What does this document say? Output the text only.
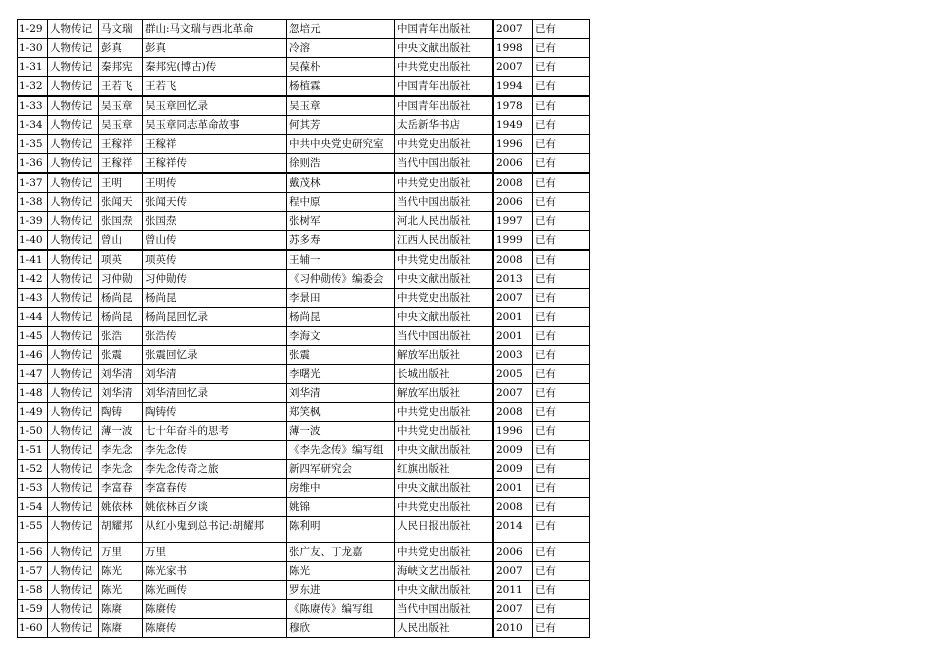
1-29	人物传记	马文瑞	群山:马文瑞与西北革命	忽培元	中国青年出版社	2007	已有
1-30	人物传记	彭真	彭真	冷溶	中央文献出版社	1998	已有
1-31	人物传记	秦邦宪	秦邦宪(博古)传	吴葆朴	中共党史出版社	2007	已有
1-32	人物传记	王若飞	王若飞	杨植霖	中国青年出版社	1994	已有
1-33	人物传记	吴玉章	吴玉章回忆录	吴玉章	中国青年出版社	1978	已有
1-34	人物传记	吴玉章	吴玉章同志革命故事	何其芳	太岳新华书店	1949	已有
1-35	人物传记	王稼祥	王稼祥	中共中央党史研究室	中共党史出版社	1996	已有
1-36	人物传记	王稼祥	王稼祥传	徐则浩	当代中国出版社	2006	已有
1-37	人物传记	王明	王明传	戴茂林	中共党史出版社	2008	已有
1-38	人物传记	张闻天	张闻天传	程中原	当代中国出版社	2006	已有
1-39	人物传记	张国焘	张国焘	张树军	河北人民出版社	1997	已有
1-40	人物传记	曾山	曾山传	苏多寿	江西人民出版社	1999	已有
1-41	人物传记	项英	项英传	王辅一	中共党史出版社	2008	已有
1-42	人物传记	习仲勋	习仲勋传	《习仲勋传》编委会	中央文献出版社	2013	已有
1-43	人物传记	杨尚昆	杨尚昆	李景田	中共党史出版社	2007	已有
1-44	人物传记	杨尚昆	杨尚昆回忆录	杨尚昆	中央文献出版社	2001	已有
1-45	人物传记	张浩	张浩传	李海文	当代中国出版社	2001	已有
1-46	人物传记	张震	张震回忆录	张震	解放军出版社	2003	已有
1-47	人物传记	刘华清	刘华清	李曙光	长城出版社	2005	已有
1-48	人物传记	刘华清	刘华清回忆录	刘华清	解放军出版社	2007	已有
1-49	人物传记	陶铸	陶铸传	郑笑枫	中共党史出版社	2008	已有
1-50	人物传记	薄一波	七十年奋斗的思考	薄一波	中共党史出版社	1996	已有
1-51	人物传记	李先念	李先念传	《李先念传》编写组	中央文献出版社	2009	已有
1-52	人物传记	李先念	李先念传奇之旅	新四军研究会	红旗出版社	2009	已有
1-53	人物传记	李富春	李富春传	房维中	中央文献出版社	2001	已有
1-54	人物传记	姚依林	姚依林百夕谈	姚锦	中共党史出版社	2008	已有
1-55	人物传记	胡耀邦	从红小鬼到总书记:胡耀邦	陈利明	人民日报出版社	2014	已有
1-56	人物传记	万里	万里	张广友、丁龙嘉	中共党史出版社	2006	已有
1-57	人物传记	陈光	陈光家书	陈光	海峡文艺出版社	2007	已有
1-58	人物传记	陈光	陈光画传	罗东进	中央文献出版社	2011	已有
1-59	人物传记	陈赓	陈赓传	《陈赓传》编写组	当代中国出版社	2007	已有
1-60	人物传记	陈赓	陈赓传	穆欣	人民出版社	2010	已有
